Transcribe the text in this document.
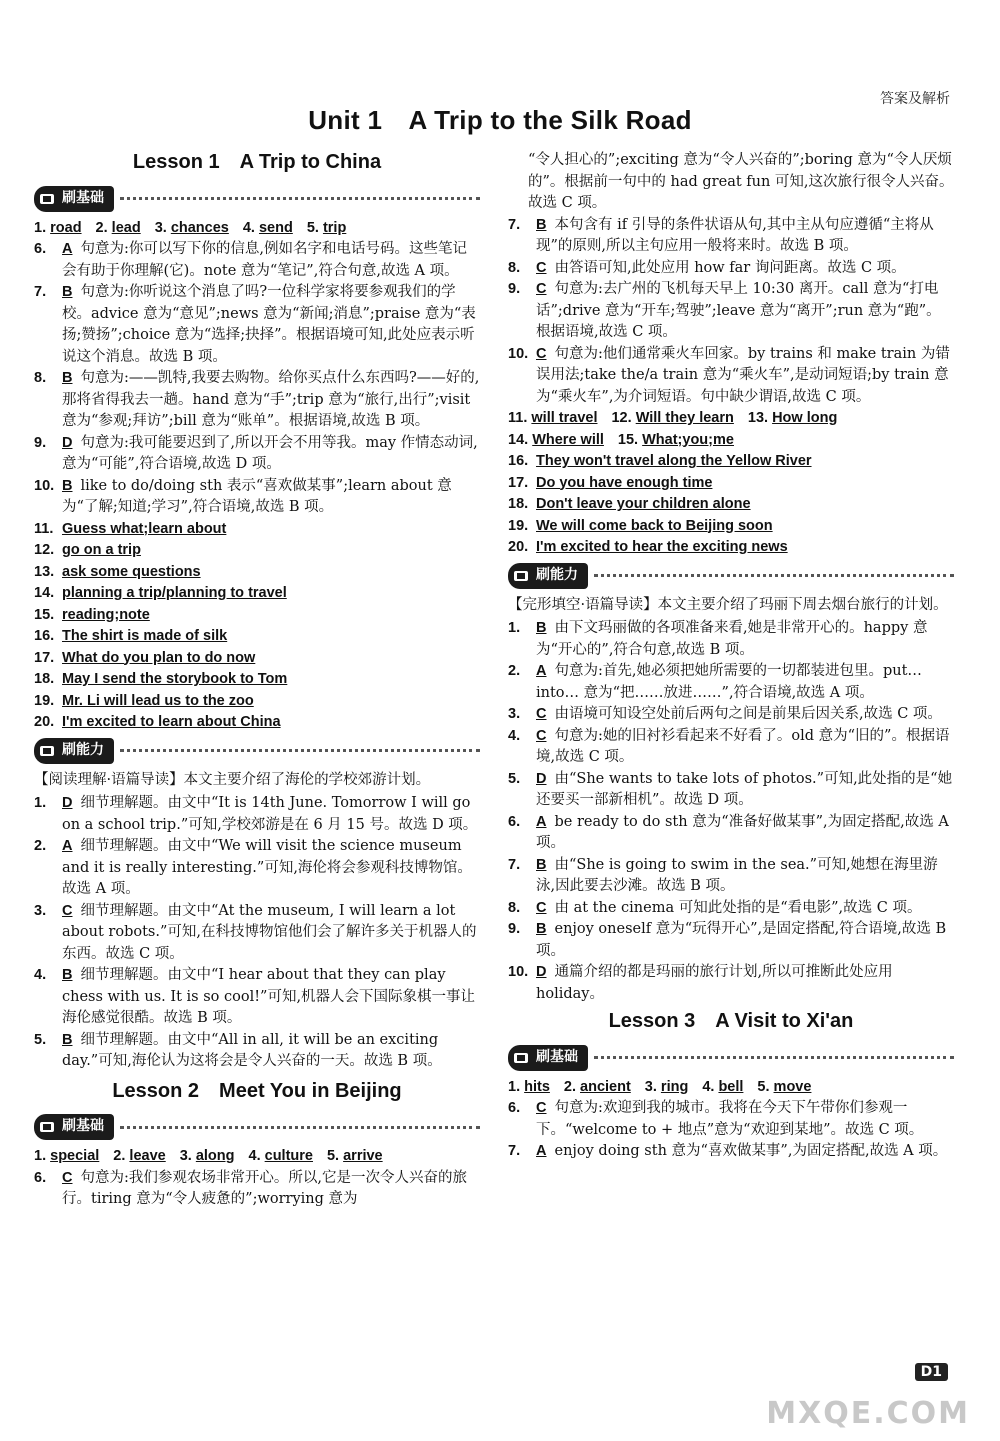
答案及解析
Unit 1　A Trip to the Silk Road
Lesson 1　A Trip to China
刷基础
1. road 2. lead 3. chances 4. send 5. trip
6. A 句意为:你可以写下你的信息,例如名字和电话号码。这些笔记会有助于你理解(它)。note 意为“笔记”,符合句意,故选 A 项。
7. B 句意为:你听说这个消息了吗?一位科学家将要参观我们的学校。advice 意为“意见”;news 意为“新闻;消息”;praise 意为“表扬;赞扬”;choice 意为“选择;抉择”。根据语境可知,此处应表示听说这个消息。故选 B 项。
8. B 句意为:——凯特,我要去购物。给你买点什么东西吗?——好的,那将省得我去一趟。hand 意为“手”;trip 意为“旅行,出行”;visit 意为“参观;拜访”;bill 意为“账单”。根据语境,故选 B 项。
9. D 句意为:我可能要迟到了,所以开会不用等我。may 作情态动词,意为“可能”,符合语境,故选 D 项。
10. B like to do/doing sth 表示“喜欢做某事”;learn about 意为“了解;知道;学习”,符合语境,故选 B 项。
11. Guess what;learn about
12. go on a trip
13. ask some questions
14. planning a trip/planning to travel
15. reading;note
16. The shirt is made of silk
17. What do you plan to do now
18. May I send the storybook to Tom
19. Mr. Li will lead us to the zoo
20. I'm excited to learn about China
刷能力
【阅读理解·语篇导读】本文主要介绍了海伦的学校郊游计划。
1. D 细节理解题。由文中“It is 14th June. Tomorrow I will go on a school trip.”可知,学校郊游是在 6 月 15 号。故选 D 项。
2. A 细节理解题。由文中“We will visit the science museum and it is really interesting.”可知,海伦将会参观科技博物馆。故选 A 项。
3. C 细节理解题。由文中“At the museum, I will learn a lot about robots.”可知,在科技博物馆他们会了解许多关于机器人的东西。故选 C 项。
4. B 细节理解题。由文中“I hear about that they can play chess with us. It is so cool!”可知,机器人会下国际象棋一事让海伦感觉很酷。故选 B 项。
5. B 细节理解题。由文中“All in all, it will be an exciting day.”可知,海伦认为这将会是令人兴奋的一天。故选 B 项。
Lesson 2　Meet You in Beijing
刷基础
1. special 2. leave 3. along 4. culture 5. arrive
6. C 句意为:我们参观农场非常开心。所以,它是一次令人兴奋的旅行。tiring 意为“令人疲惫的”;worrying 意为
“令人担心的”;exciting 意为“令人兴奋的”;boring 意为“令人厌烦的”。根据前一句中的 had great fun 可知,这次旅行很令人兴奋。故选 C 项。
7. B 本句含有 if 引导的条件状语从句,其中主从句应遵循“主将从现”的原则,所以主句应用一般将来时。故选 B 项。
8. C 由答语可知,此处应用 how far 询问距离。故选 C 项。
9. C 句意为:去广州的飞机每天早上 10:30 离开。call 意为“打电话”;drive 意为“开车;驾驶”;leave 意为“离开”;run 意为“跑”。根据语境,故选 C 项。
10. C 句意为:他们通常乘火车回家。by trains 和 make train 为错误用法;take the/a train 意为“乘火车”,是动词短语;by train 意为“乘火车”,为介词短语。句中缺少谓语,故选 C 项。
11. will travel 12. Will they learn 13. How long
14. Where will 15. What;you;me
16. They won't travel along the Yellow River
17. Do you have enough time
18. Don't leave your children alone
19. We will come back to Beijing soon
20. I'm excited to hear the exciting news
刷能力
【完形填空·语篇导读】本文主要介绍了玛丽下周去烟台旅行的计划。
1. B 由下文玛丽做的各项准备来看,她是非常开心的。happy 意为“开心的”,符合句意,故选 B 项。
2. A 句意为:首先,她必须把她所需要的一切都装进包里。put… into… 意为“把……放进……”,符合语境,故选 A 项。
3. C 由语境可知设空处前后两句之间是前果后因关系,故选 C 项。
4. C 句意为:她的旧衬衫看起来不好看了。old 意为“旧的”。根据语境,故选 C 项。
5. D 由“She wants to take lots of photos.”可知,此处指的是“她还要买一部新相机”。故选 D 项。
6. A be ready to do sth 意为“准备好做某事”,为固定搭配,故选 A 项。
7. B 由“She is going to swim in the sea.”可知,她想在海里游泳,因此要去沙滩。故选 B 项。
8. C 由 at the cinema 可知此处指的是“看电影”,故选 C 项。
9. B enjoy oneself 意为“玩得开心”,是固定搭配,符合语境,故选 B 项。
10. D 通篇介绍的都是玛丽的旅行计划,所以可推断此处应用 holiday。
Lesson 3　A Visit to Xi'an
刷基础
1. hits 2. ancient 3. ring 4. bell 5. move
6. C 句意为:欢迎到我的城市。我将在今天下午带你们参观一下。“welcome to + 地点”意为“欢迎到某地”。故选 C 项。
7. A enjoy doing sth 意为“喜欢做某事”,为固定搭配,故选 A 项。
D1
MXQE.COM
